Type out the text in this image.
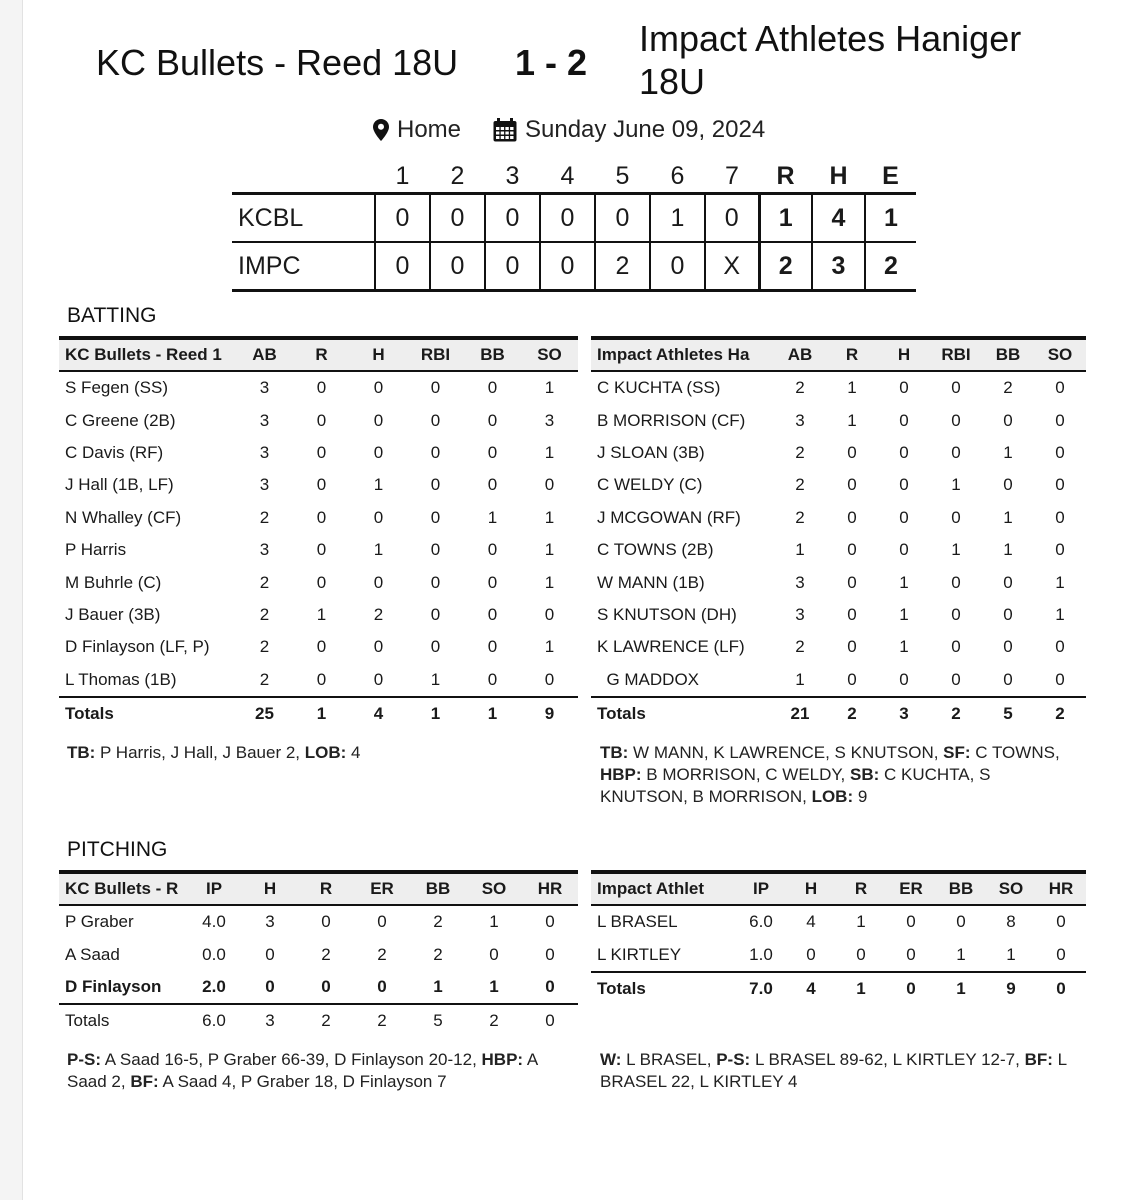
KC Bullets - Reed 18U 1 - 2
Impact Athletes Haniger 18U
Home	Sunday June 09, 2024
	1	2	3	4	5	6	7	R	H	E
KCBL	0	0	0	0	0	1	0	1	4	1
IMPC	0	0	0	0	2	0	X	2	3	2
BATTING
KC Bullets - Reed 1	AB	R	H	RBI	BB	SO
S Fegen (SS)	3	0	0	0	0	1
C Greene (2B)	3	0	0	0	0	3
C Davis (RF)	3	0	0	0	0	1
J Hall (1B, LF)	3	0	1	0	0	0
N Whalley (CF)	2	0	0	0	1	1
P Harris	3	0	1	0	0	1
M Buhrle (C)	2	0	0	0	0	1
J Bauer (3B)	2	1	2	0	0	0
D Finlayson (LF, P)	2	0	0	0	0	1
L Thomas (1B)	2	0	0	1	0	0
Totals	25	1	4	1	1	9
Impact Athletes Ha	AB	R	H	RBI	BB	SO
C KUCHTA (SS)	2	1	0	0	2	0
B MORRISON (CF)	3	1	0	0	0	0
J SLOAN (3B)	2	0	0	0	1	0
C WELDY (C)	2	0	0	1	0	0
J MCGOWAN (RF)	2	0	0	0	1	0
C TOWNS (2B)	1	0	0	1	1	0
W MANN (1B)	3	0	1	0	0	1
S KNUTSON (DH)	3	0	1	0	0	1
K LAWRENCE (LF)	2	0	1	0	0	0
G MADDOX	1	0	0	0	0	0
Totals	21	2	3	2	5	2
TB: P Harris, J Hall, J Bauer 2, LOB: 4	TB: W MANN, K LAWRENCE, S KNUTSON, SF: C TOWNS, HBP: B MORRISON, C WELDY, SB: C KUCHTA, S KNUTSON, B MORRISON, LOB: 9
PITCHING
KC Bullets - R	IP	H	R	ER	BB	SO	HR
P Graber	4.0	3	0	0	2	1	0
A Saad	0.0	0	2	2	2	0	0
D Finlayson	2.0	0	0	0	1	1	0
Totals	6.0	3	2	2	5	2	0
Impact Athlet	IP	H	R	ER	BB	SO	HR
L BRASEL	6.0	4	1	0	0	8	0
L KIRTLEY	1.0	0	0	0	1	1	0
Totals	7.0	4	1	0	1	9	0
P-S: A Saad 16-5, P Graber 66-39, D Finlayson 20-12, HBP: A Saad 2, BF: A Saad 4, P Graber 18, D Finlayson 7
W: L BRASEL, P-S: L BRASEL 89-62, L KIRTLEY 12-7, BF: L BRASEL 22, L KIRTLEY 4
